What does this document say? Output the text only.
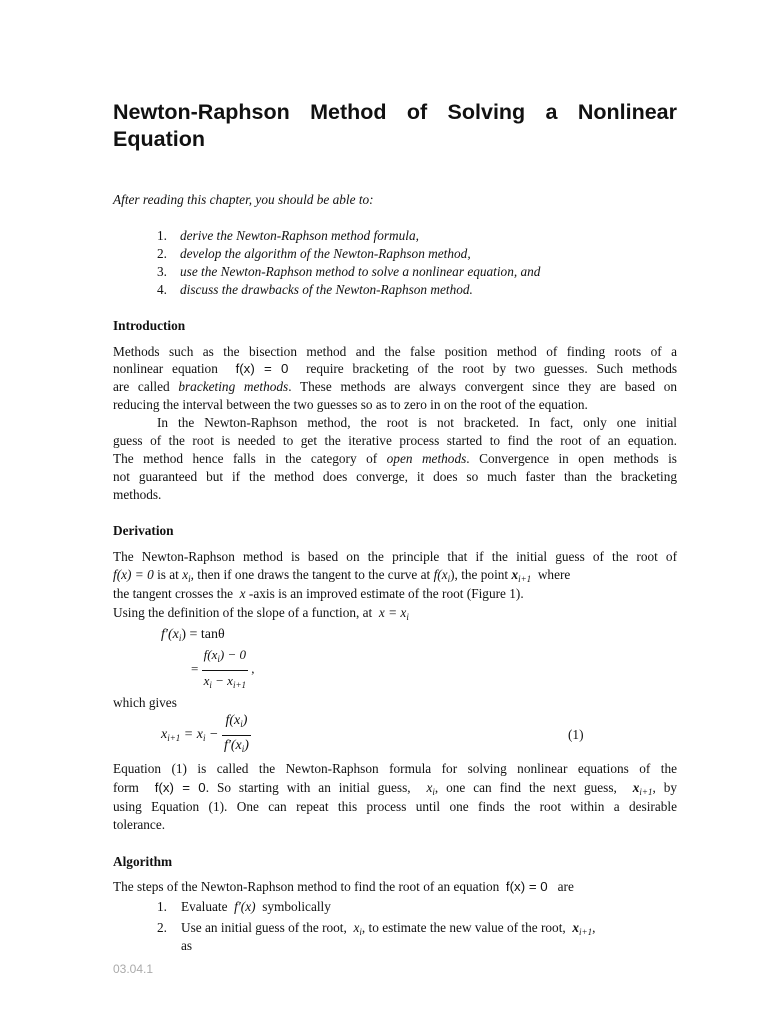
Newton-Raphson Method of Solving a Nonlinear Equation

After reading this chapter, you should be able to:

1. derive the Newton-Raphson method formula,
2. develop the algorithm of the Newton-Raphson method,
3. use the Newton-Raphson method to solve a nonlinear equation, and
4. discuss the drawbacks of the Newton-Raphson method.

Introduction

Methods such as the bisection method and the false position method of finding roots of a

nonlinear equation f(x) = 0 require bracketing of the root by two guesses. Such methods

are called bracketing methods. These methods are always convergent since they are based on

reducing the interval between the two guesses so as to zero in on the root of the equation.

In the Newton-Raphson method, the root is not bracketed. In fact, only one initial

guess of the root is needed to get the iterative process started to find the root of an equation.

The method hence falls in the category of open methods. Convergence in open methods is

not guaranteed but if the method does converge, it does so much faster than the bracketing

methods.

Derivation

The Newton-Raphson method is based on the principle that if the initial guess of the root of

f(x) = 0 is at $x_i$, then if one draws the tangent to the curve at $f(x_i)$, the point $x_{i+1}$ where

the tangent crosses the x -axis is an improved estimate of the root (Figure 1).

Using the definition of the slope of a function, at $x = x_i$

$f'(x_i) = \tan\theta$

= $\frac{f(x_i) - 0}{x_i - x_{i+1}}$ ,

which gives

$x_{i+1} = x_i - \frac{f(x_i)}{f'(x_i)}$	(1)

Equation (1) is called the Newton-Raphson formula for solving nonlinear equations of the

form f(x) = 0. So starting with an initial guess, $x_i$, one can find the next guess, $x_{i+1}$, by

using Equation (1). One can repeat this process until one finds the root within a desirable

tolerance.

Algorithm

The steps of the Newton-Raphson method to find the root of an equation f(x) = 0 are

1. Evaluate f′(x) symbolically

2. Use an initial guess of the root, $x_i$, to estimate the new value of the root, $x_{i+1}$,

as

03.04.1
